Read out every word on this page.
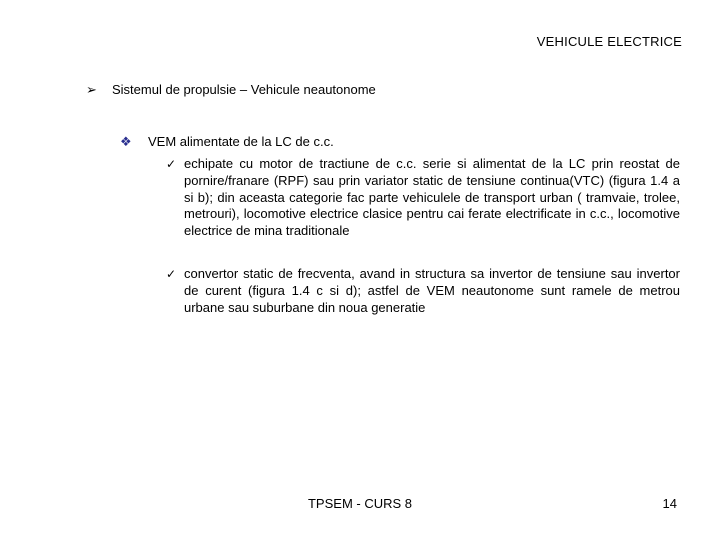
VEHICULE ELECTRICE
➢	Sistemul de propulsie – Vehicule neautonome
❖	VEM alimentate de la LC de c.c.
✓ echipate cu motor de tractiune de c.c. serie si alimentat de la LC prin reostat de pornire/franare (RPF) sau prin variator static de tensiune continua(VTC) (figura 1.4 a si b); din aceasta categorie fac parte vehiculele de transport urban ( tramvaie, trolee, metrouri), locomotive electrice clasice pentru cai ferate electrificate in c.c., locomotive electrice de mina traditionale
✓ convertor static de frecventa, avand in structura sa invertor de tensiune sau invertor de curent (figura 1.4 c si d); astfel de VEM neautonome sunt ramele de metrou urbane sau suburbane din noua generatie
TPSEM - CURS 8	14
